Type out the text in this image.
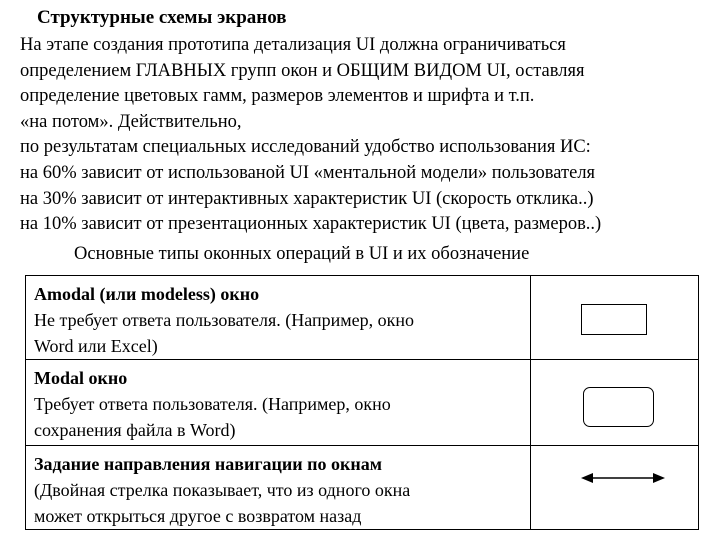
Структурные схемы экранов
На этапе создания прототипа детализация UI должна ограничиваться
определением ГЛАВНЫХ групп окон и ОБЩИМ ВИДОМ UI, оставляя
определение цветовых гамм, размеров элементов и шрифта и т.п.
«на потом». Действительно,
по результатам специальных исследований удобство использования ИС:
на 60% зависит от использованой UI «ментальной модели» пользователя
на 30% зависит от интерактивных характеристик UI (скорость отклика..)
на 10% зависит от презентационных характеристик UI (цвета, размеров..)
Основные типы оконных операций в UI и их обозначение
Amodal (или modeless) окно
Не требует ответа пользователя. (Например, окно
Word или Excel)	

Modal окно
Требует ответа пользователя. (Например, окно
сохранения файла в Word)	

Задание направления навигации по окнам
(Двойная стрелка показывает, что из одного окна
может открыться другое с возвратом назад
